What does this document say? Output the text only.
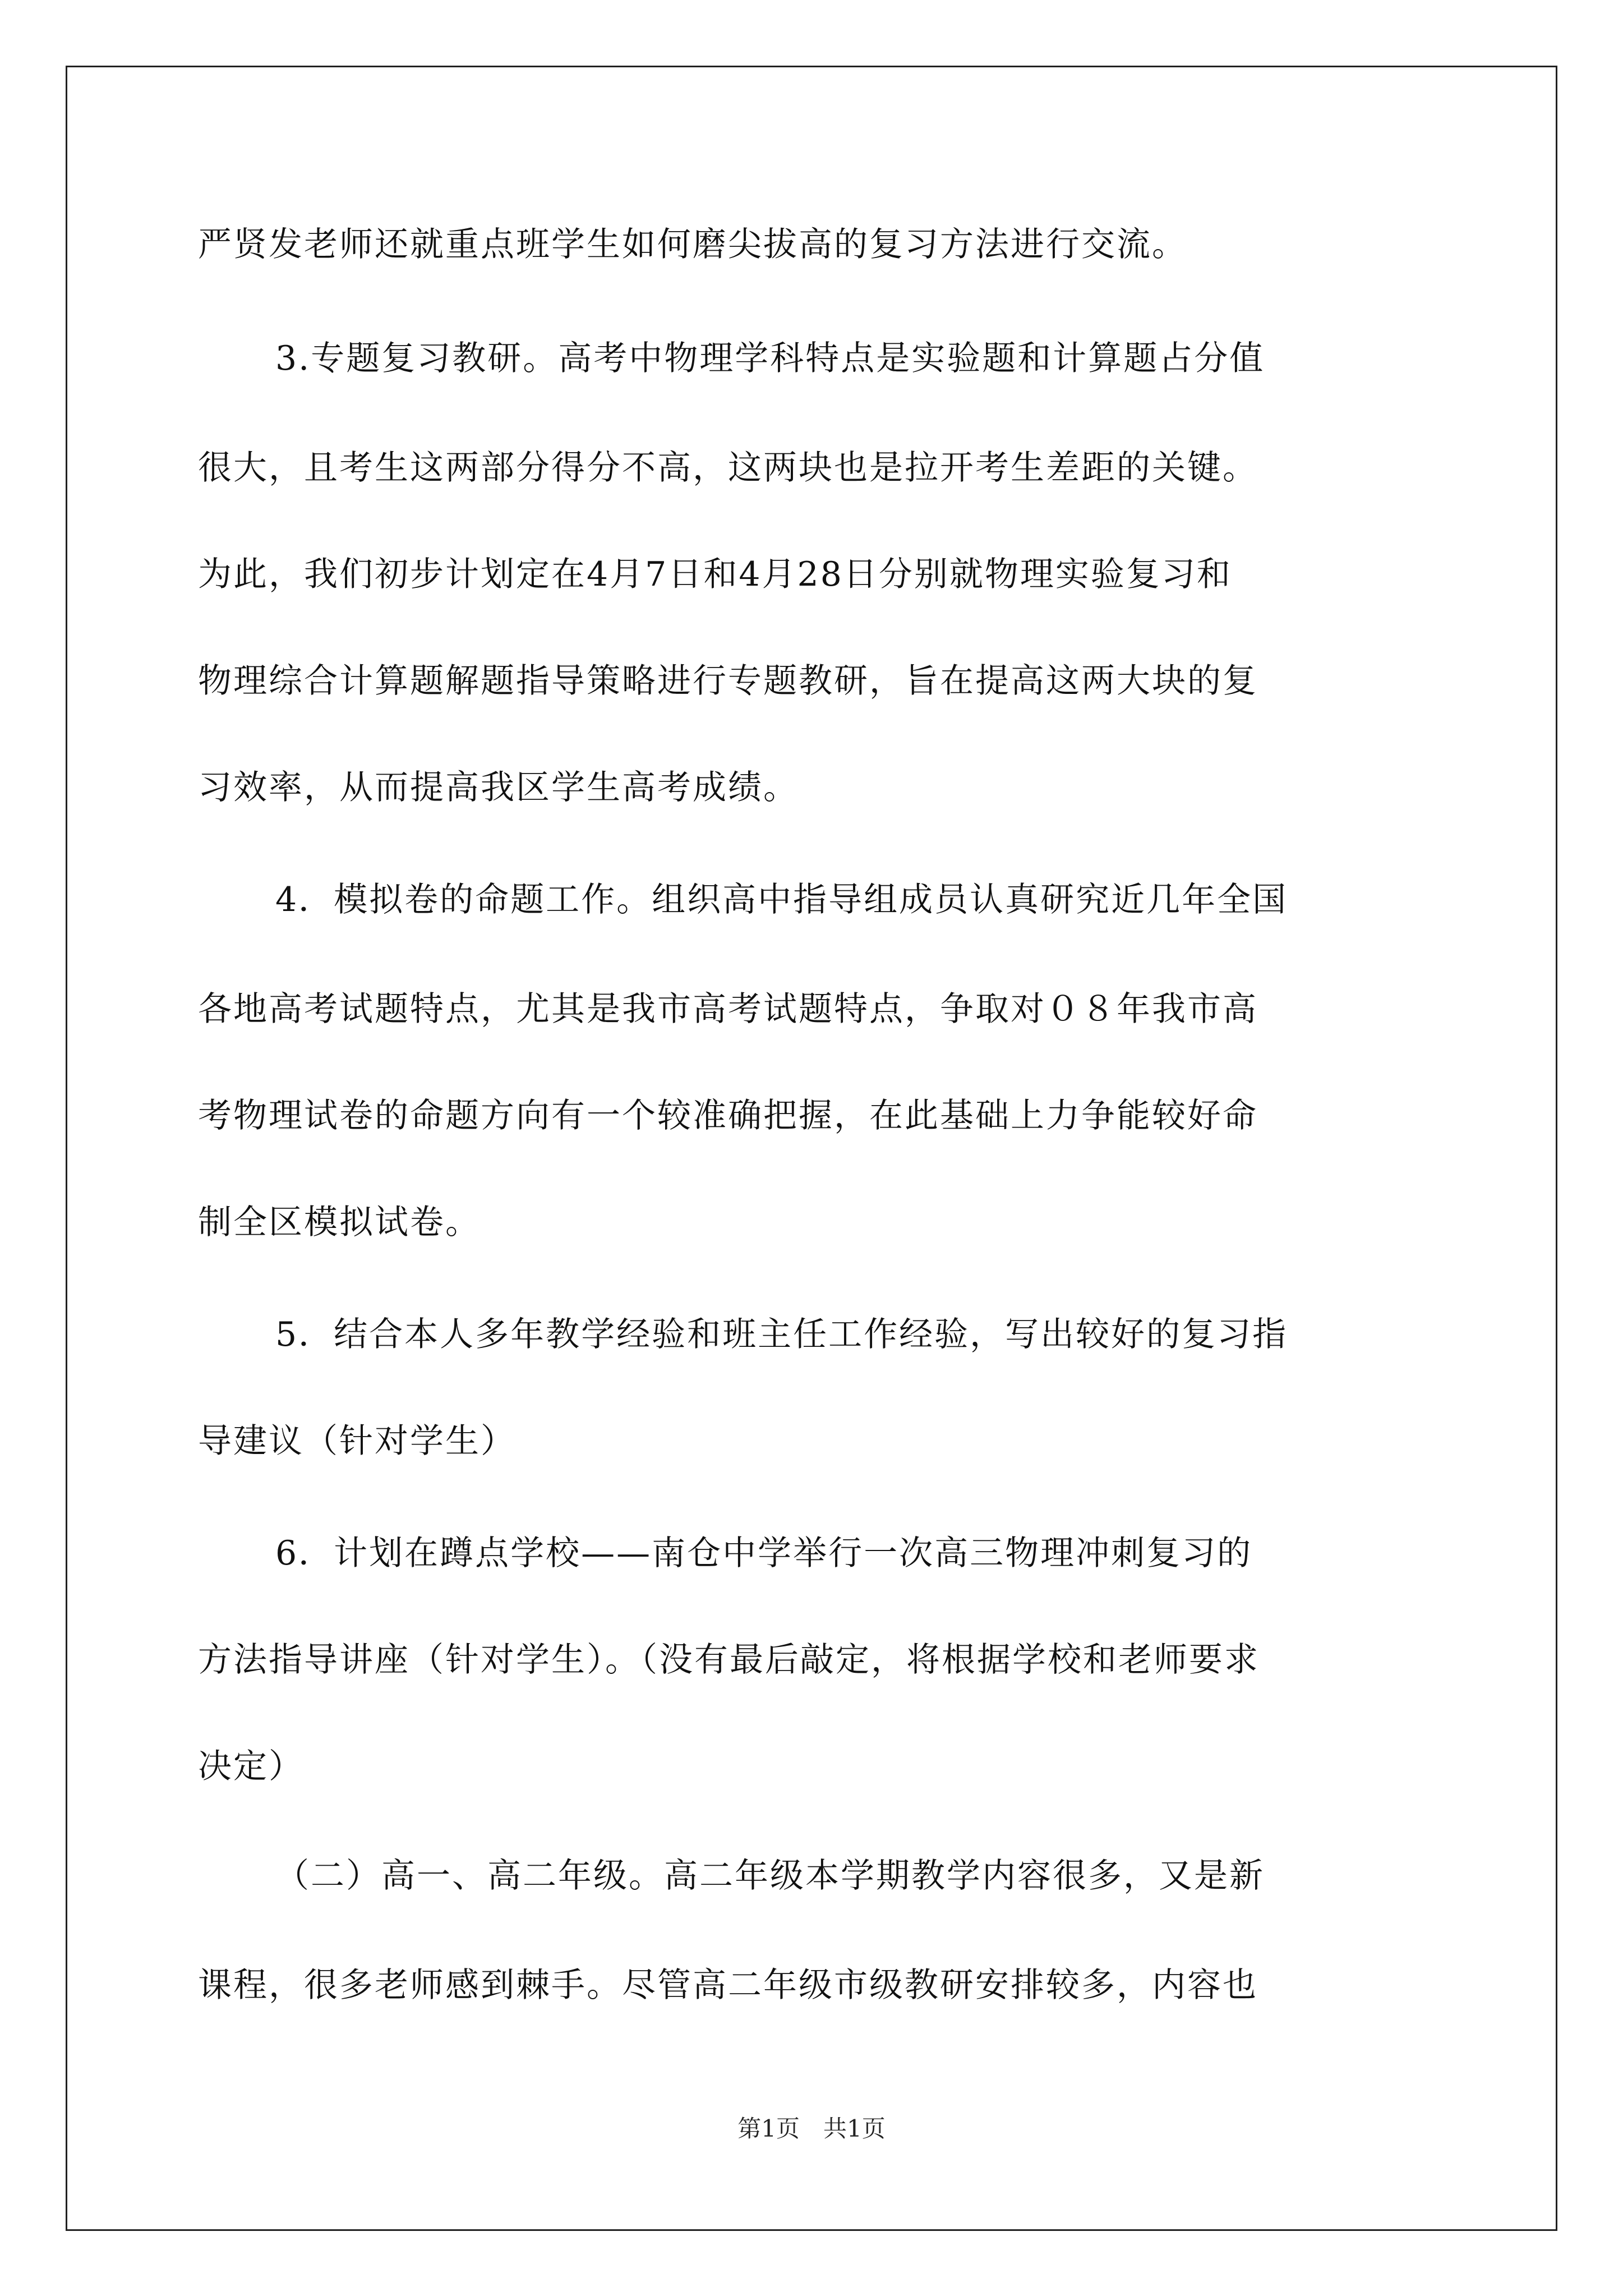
严贤发老师还就重点班学生如何磨尖拔高的复习方法进行交流。
3.专题复习教研。高考中物理学科特点是实验题和计算题占分值
很大，且考生这两部分得分不高，这两块也是拉开考生差距的关键。
为此，我们初步计划定在4月7日和4月28日分别就物理实验复习和
物理综合计算题解题指导策略进行专题教研，旨在提高这两大块的复
习效率，从而提高我区学生高考成绩。
4．模拟卷的命题工作。组织高中指导组成员认真研究近几年全国
各地高考试题特点，尤其是我市高考试题特点，争取对０８年我市高
考物理试卷的命题方向有一个较准确把握，在此基础上力争能较好命
制全区模拟试卷。
5．结合本人多年教学经验和班主任工作经验，写出较好的复习指
导建议（针对学生）
6．计划在蹲点学校——南仓中学举行一次高三物理冲刺复习的
方法指导讲座（针对学生）。（没有最后敲定，将根据学校和老师要求
决定）
（二）高一、高二年级。高二年级本学期教学内容很多，又是新
课程，很多老师感到棘手。尽管高二年级市级教研安排较多，内容也
第1页　共1页
